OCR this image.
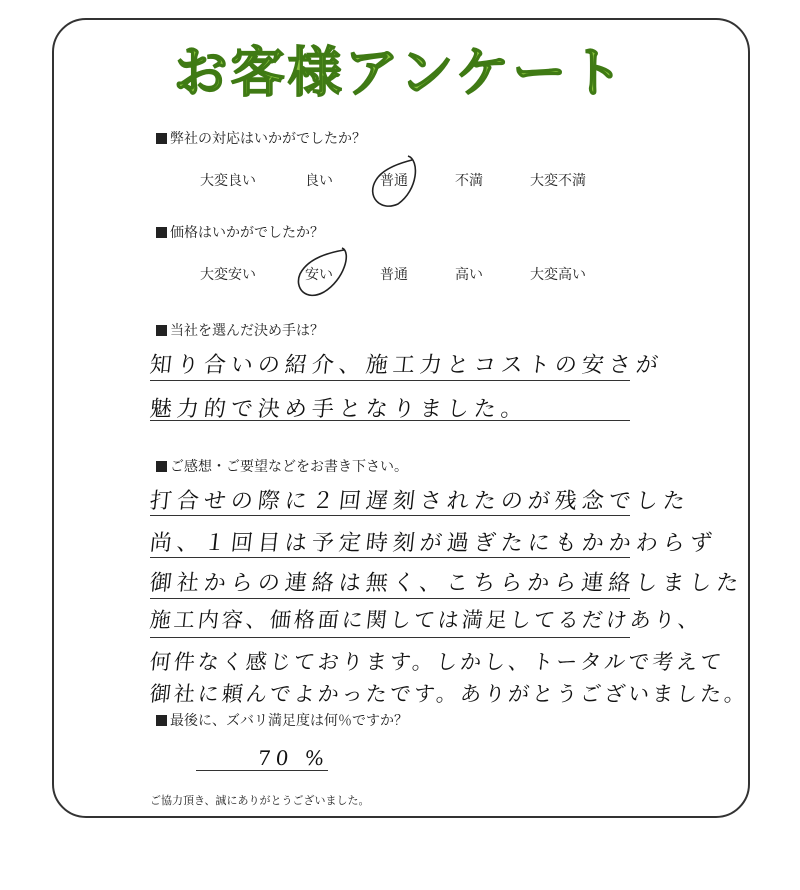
お客様アンケート
弊社の対応はいかがでしたか？
大変良い	良い	普通	不満	大変不満
価格はいかがでしたか？
大変安い	安い	普通	高い	大変高い
当社を選んだ決め手は？
知り合いの紹介、施工力とコストの安さが
魅力的で決め手となりました。
ご感想・ご要望などをお書き下さい。
打合せの際に２回遅刻されたのが残念でした
尚、１回目は予定時刻が過ぎたにもかかわらず
御社からの連絡は無く、こちらから連絡しました
施工内容、価格面に関しては満足してるだけあり、
何件なく感じております。しかし、トータルで考えて
御社に頼んでよかったです。ありがとうございました。
最後に、ズバリ満足度は何％ですか？
70 %
ご協力頂き、誠にありがとうございました。
